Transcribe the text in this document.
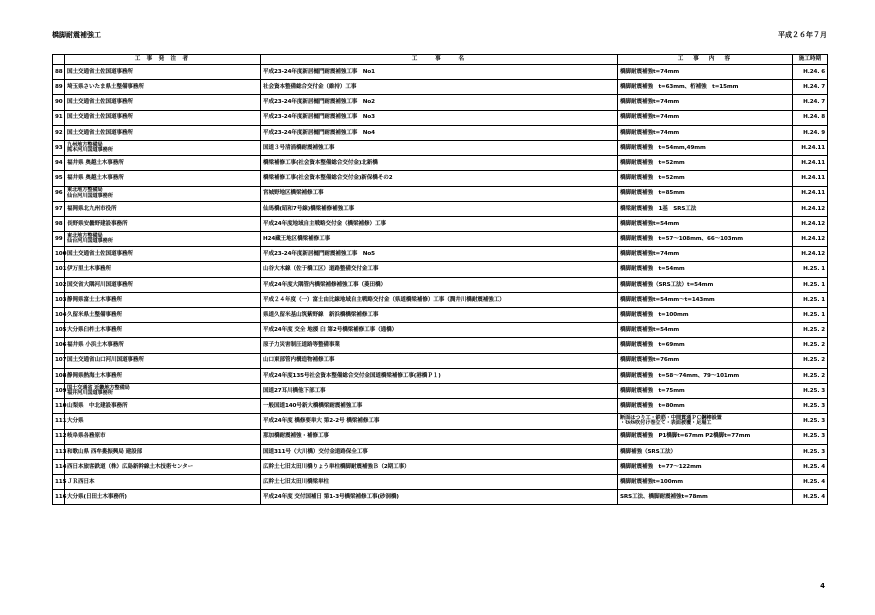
橋脚耐震補強工	平成２６年７月
	工 事 発 注 者	工　　事　　名	工　事　内　容	施工時期
88	国土交通省土佐国道事務所	平成23-24年度新居樋門耐震補強工事　No1	橋脚耐震補強t=74mm	H.24. 6
89	埼玉県さいたま県土整備事務所	社会資本整備総合交付金（維持）工事	橋脚耐震補強　t=63mm、桁補強　t=15mm	H.24. 7
90	国土交通省土佐国道事務所	平成23-24年度新居樋門耐震補強工事　No2	橋脚耐震補強t=74mm	H.24. 7
91	国土交通省土佐国道事務所	平成23-24年度新居樋門耐震補強工事　No3	橋脚耐震補強t=74mm	H.24. 8
92	国土交通省土佐国道事務所	平成23-24年度新居樋門耐震補強工事　No4	橋脚耐震補強t=74mm	H.24. 9
93	九州地方整備局
熊本河川国道事務所	国道３号清涌橋耐震補強工事	橋脚耐震補強　t=54mm,49mm	H.24.11
94	福井県 奥越土木事務所	橋梁補修工事(社会資本整備総合交付金)北新橋	橋脚耐震補強　t=52mm	H.24.11
95	福井県 奥越土木事務所	橋梁補修工事(社会資本整備総合交付金)新保橋その2	橋脚耐震補強　t=52mm	H.24.11
96	東北地方整備局
仙台河川国道事務所	宮城野地区橋梁補修工事	橋脚耐震補強　t=85mm	H.24.11
97	福岡県北九州市役所	仙馬橋(昭和7号線)橋梁補修補強工事	橋梁耐震補強　1基　SRS工法	H.24.12
98	長野県安曇野建設事務所	平成24年度地域自主戦略交付金（橋梁補修）工事	橋脚耐震補強t=54mm	H.24.12
99	東北地方整備局
仙台河川国道事務所	H24藏王地区橋梁補修工事	橋脚耐震補強　t=57～108mm、66～103mm	H.24.12
100	国土交通省土佐国道事務所	平成23-24年度新居樋門耐震補強工事　No5	橋脚耐震補強t=74mm	H.24.12
101	伊万里土木事務所	山谷大木線（佐于橋工区）道路整備交付金工事	橋脚耐震補強　t=54mm	H.25. 1
102	国交省大隅河川国道事務所	平成24年度大隅管内橋梁補修補強工事（菱田橋）	橋脚耐震補強（SRS工法）t=54mm	H.25. 1
103	静岡県富士土木事務所	平成２４年度（一）富士由比線地域自主戦略交付金（県道橋梁補修）工事（潤井川橋耐震補強工）	橋脚耐震補強t=54mm～t=143mm	H.25. 1
104	久留米県土整備事務所	県道久留米基山筑紫野線　新浜橋橋梁補修工事	橋脚耐震補強　t=100mm	H.25. 1
105	大分県臼杵土木事務所	平成24年度 交全 地援 臼 第2号橋梁補修工事（通橋）	橋脚耐震補強t=54mm	H.25. 2
106	福井県 小浜土木事務所	原子力災害制圧道路等整備事業	橋脚耐震補強　t=69mm	H.25. 2
107	国土交通省山口河川国道事務所	山口東部管内構造物補修工事	橋脚耐震補強t=76mm	H.25. 2
108	静岡県熱海土木事務所	平成24年度135号社会資本整備総合交付金国道橋梁補修工事(港橋Ｐ１)	橋脚耐震補強　t=58～74mm、79～101mm	H.25. 2
109	国土交通省 近畿地方整備局
福井河川国道事務所	国道27耳川橋他下部工事	橋脚耐震補強　t=75mm	H.25. 3
110	山梨県　中北建設事務所	一般国道140号新大橋橋梁耐震補強工事	橋脚耐震補強　t=80mm	H.25. 3
111	大分県	平成24年度 橋修要単大 第2-2号 橋梁補修工事	断面はつり工・鉄筋・中間貫通ＰＣ鋼棒設置
・ﾓﾙﾀﾙ吹付け巻立て・表面被覆・足場工	H.25. 3
112	岐阜県各務原市	那加橋耐震補強・補修工事	橋脚耐震補強　P1橋脚t=67mm P2橋脚t=77mm	H.25. 3
113	和歌山県 西牟婁振興局 建設部	国道311号（大川橋）交付金道路保全工事	橋脚補強（SRS工法）	H.25. 3
114	西日本旅客鉄道（株）広島新幹線土木技術センター	広幹土七旧太田川橋りょう単柱橋脚耐震補強Ｂ（2期工事）	橋脚耐震補強　t=77～122mm	H.25. 4
115	ＪＲ西日本	広幹土七旧太田川橋梁単柱	橋脚耐震補強t=100mm	H.25. 4
116	大分県(日田土木事務所)	平成24年度 交付国補日 第1-3号橋梁補修工事(砂洞橋)	SRS工法、橋脚耐震補強t=78mm	H.25. 4
4
